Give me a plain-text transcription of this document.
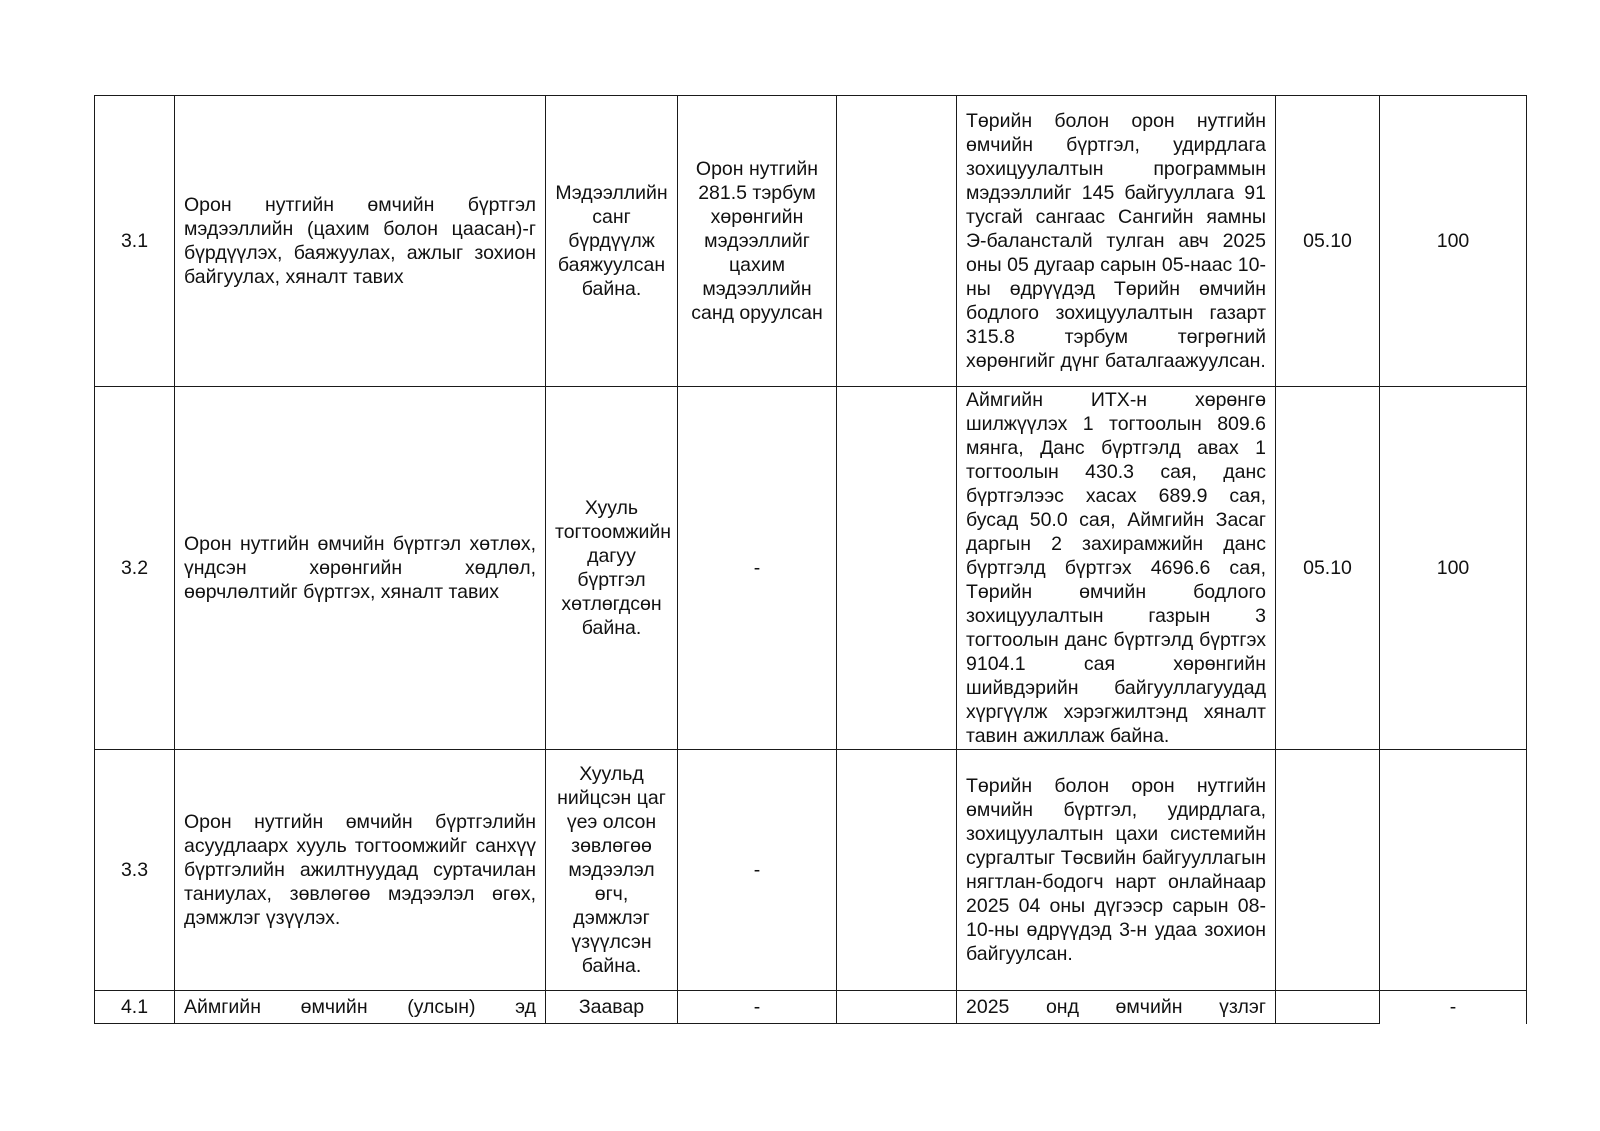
3.1	Орон нутгийн өмчийн бүртгэл мэдээллийн (цахим болон цаасан)-г бүрдүүлэх, баяжуулах, ажлыг зохион байгуулах, хяналт тавих	Мэдээллийн санг бүрдүүлж баяжуулсан байна.	Орон нутгийн 281.5 тэрбум хөрөнгийн мэдээллийг цахим мэдээллийн санд оруулсан		Төрийн болон орон нутгийн өмчийн бүртгэл, удирдлага зохицуулалтын программын мэдээллийг 145 байгууллага 91 тусгай сангаас Сангийн яамны Э-балансталй тулган авч 2025 оны 05 дугаар сарын 05-наас 10-ны өдрүүдэд Төрийн өмчийн бодлого зохицуулалтын газарт 315.8 тэрбум төгрөгний хөрөнгийг дүнг баталгаажуулсан.	05.10	100
3.2	Орон нутгийн өмчийн бүртгэл хөтлөх, үндсэн хөрөнгийн хөдлөл, өөрчлөлтийг бүртгэх, хяналт тавих	Хууль тогтоомжийн дагуу бүртгэл хөтлөгдсөн байна.	-		Аймгийн ИТХ-н хөрөнгө шилжүүлэх 1 тогтоолын 809.6 мянга, Данс бүртгэлд авах 1 тогтоолын 430.3 сая, данс бүртгэлээс хасах 689.9 сая, бусад 50.0 сая, Аймгийн Засаг даргын 2 захирамжийн данс бүртгэлд бүртгэх 4696.6 сая, Төрийн өмчийн бодлого зохицуулалтын газрын 3 тогтоолын данс бүртгэлд бүртгэх 9104.1 сая хөрөнгийн шийвдэрийн байгууллагуудад хүргүүлж хэрэгжилтэнд хяналт тавин ажиллаж байна.	05.10	100
3.3	Орон нутгийн өмчийн бүртгэлийн асуудлаарх хууль тогтоомжийг санхүү бүртгэлийн ажилтнуудад суртачилан таниулах, зөвлөгөө мэдээлэл өгөх, дэмжлэг үзүүлэх.	Хуульд нийцсэн цаг үеэ олсон зөвлөгөө мэдээлэл өгч, дэмжлэг үзүүлсэн байна.	-		Төрийн болон орон нутгийн өмчийн бүртгэл, удирдлага, зохицуулалтын цахи системийн сургалтыг Төсвийн байгууллагын нягтлан-бодогч нарт онлайнаар 2025 04 оны дүгээср сарын 08-10-ны өдрүүдэд 3-н удаа зохион байгуулсан.		

4.1	Аймгийн өмчийн (улсын) эд	Заавар	-		2025 онд өмчийн үзлэг		-
